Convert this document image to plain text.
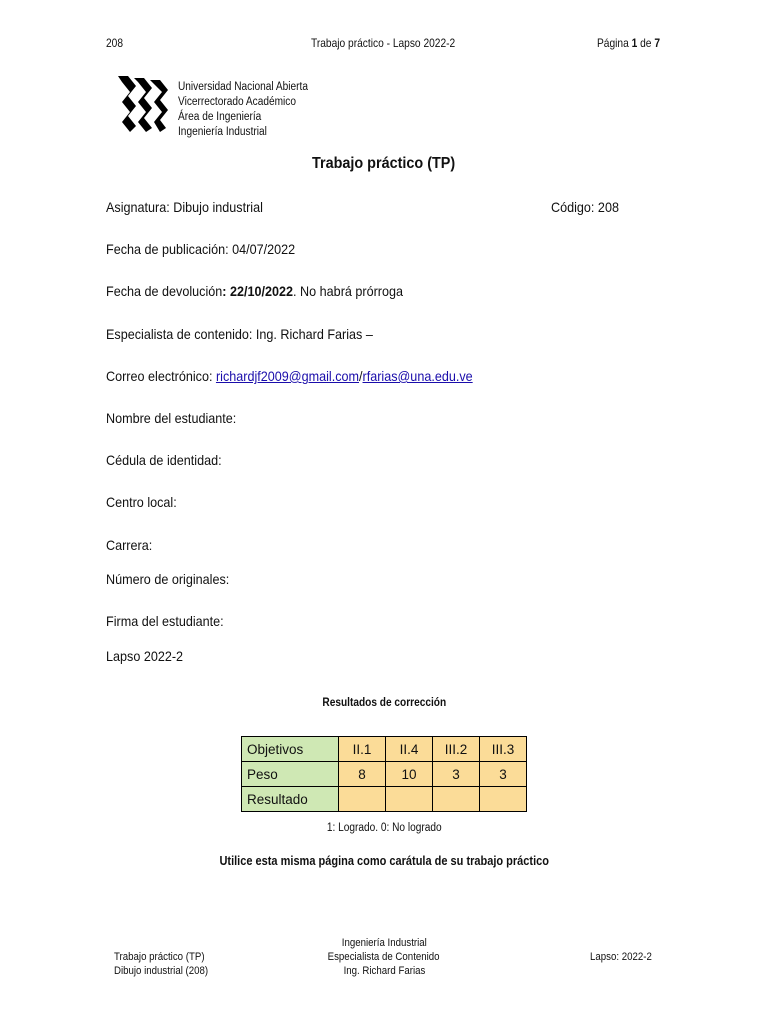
208	Trabajo práctico - Lapso 2022-2	Página 1 de 7
Universidad Nacional Abierta
Vicerrectorado Académico
Área de Ingeniería
Ingeniería Industrial
Trabajo práctico (TP)
Asignatura: Dibujo industrial	Código: 208
Fecha de publicación: 04/07/2022
Fecha de devolución: 22/10/2022. No habrá prórroga
Especialista de contenido: Ing. Richard Farias –
Correo electrónico: richardjf2009@gmail.com/rfarias@una.edu.ve
Nombre del estudiante:
Cédula de identidad:
Centro local:
Carrera:
Número de originales:
Firma del estudiante:
Lapso 2022-2
Resultados de corrección
Objetivos	II.1	II.4	III.2	III.3
Peso	8	10	3	3
Resultado				
1: Logrado. 0: No logrado
Utilice esta misma página como carátula de su trabajo práctico
Trabajo práctico (TP)
Dibujo industrial (208)
Ingeniería Industrial
Especialista de Contenido
Ing. Richard Farias
Lapso: 2022-2
